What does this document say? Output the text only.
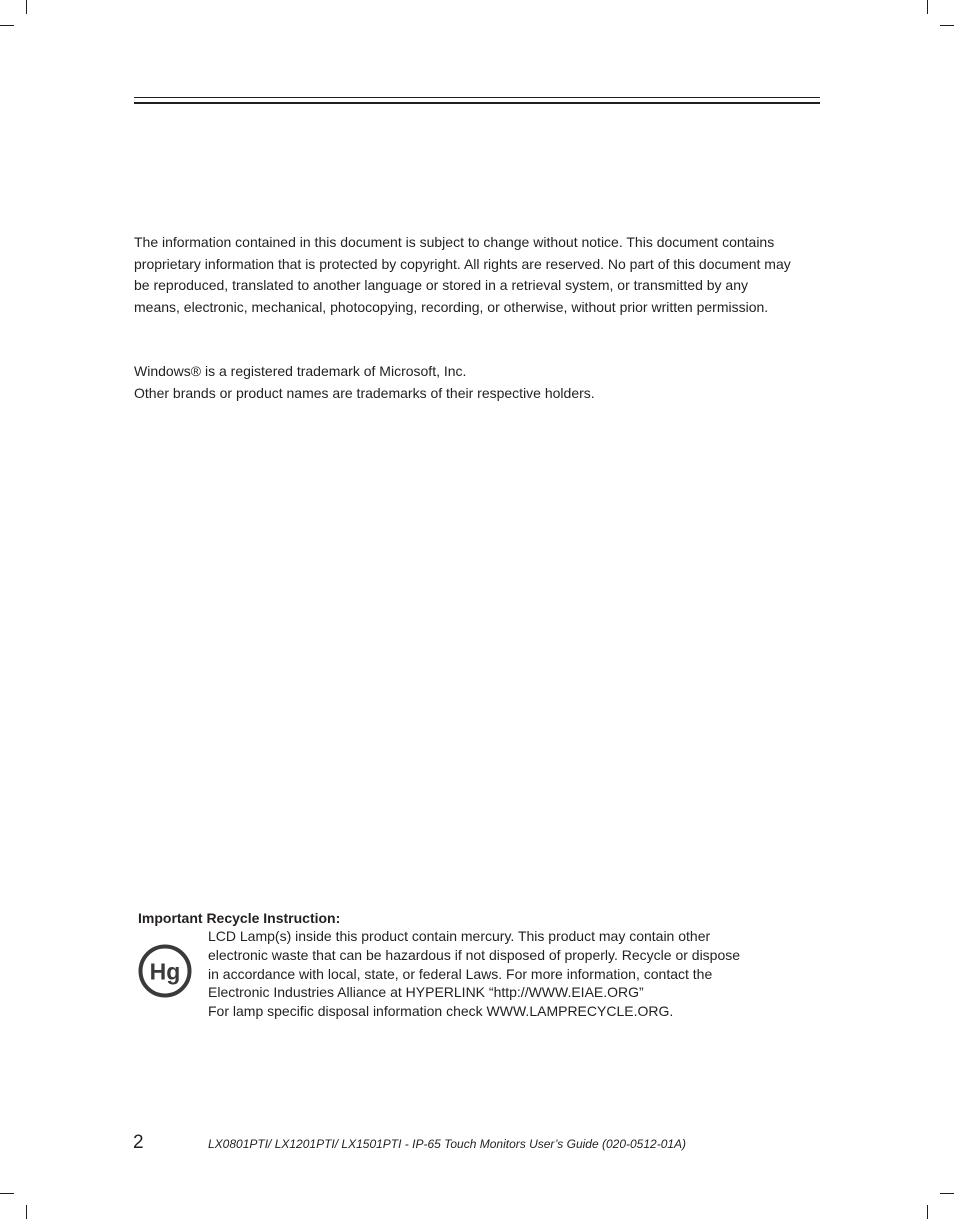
The information contained in this document is subject to change without notice. This document contains proprietary information that is protected by copyright. All rights are reserved. No part of this document may be reproduced, translated to another language or stored in a retrieval system, or transmitted by any means, electronic, mechanical, photocopying, recording, or otherwise, without prior written permission.

Windows® is a registered trademark of Microsoft, Inc.

Other brands or product names are trademarks of their respective holders.

Important Recycle Instruction:

Hg
LCD Lamp(s) inside this product contain mercury. This product may contain other
electronic waste that can be hazardous if not disposed of properly. Recycle or dispose
in accordance with local, state, or federal Laws. For more information, contact the
Electronic Industries Alliance at HYPERLINK “http://WWW.EIAE.ORG”
For lamp specific disposal information check WWW.LAMPRECYCLE.ORG.

2	LX0801PTI/ LX1201PTI/ LX1501PTI - IP-65 Touch Monitors User’s Guide (020-0512-01A)
